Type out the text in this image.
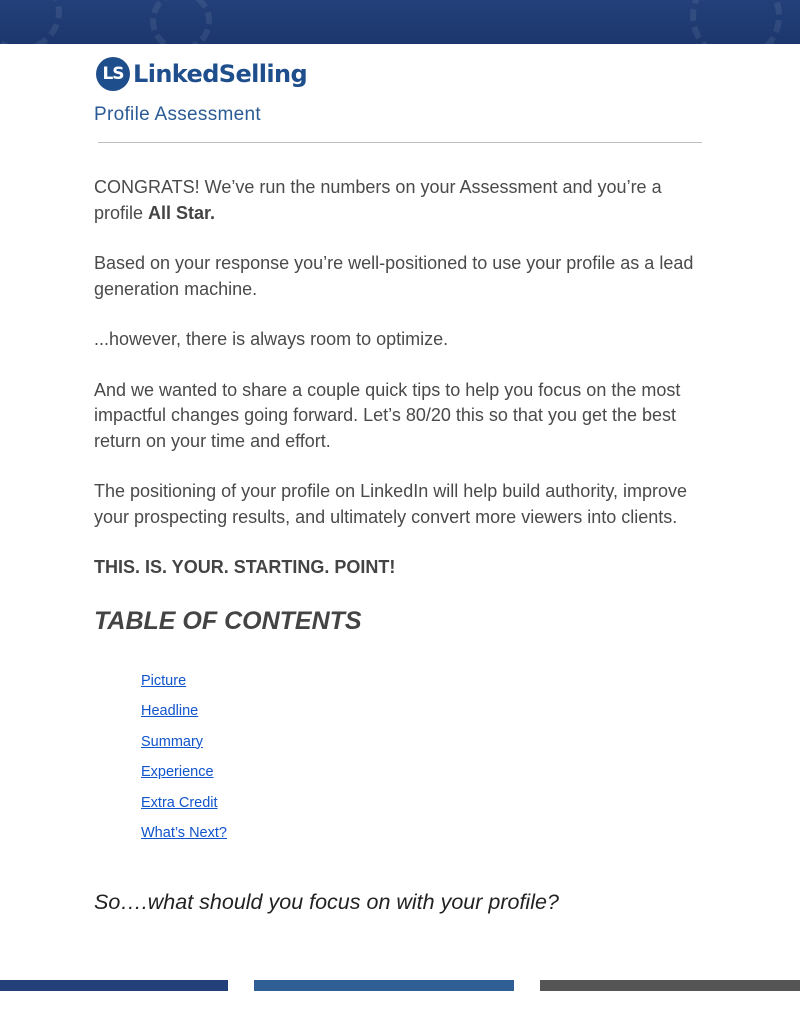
LS LinkedSelling
Profile Assessment

CONGRATS! We’ve run the numbers on your Assessment and you’re a profile All Star.

Based on your response you’re well-positioned to use your profile as a lead generation machine.

...however, there is always room to optimize.

And we wanted to share a couple quick tips to help you focus on the most impactful changes going forward. Let’s 80/20 this so that you get the best return on your time and effort.

The positioning of your profile on LinkedIn will help build authority, improve your prospecting results, and ultimately convert more viewers into clients.

THIS. IS. YOUR. STARTING. POINT!

TABLE OF CONTENTS
Picture
Headline
Summary
Experience
Extra Credit
What’s Next?
So….what should you focus on with your profile?
